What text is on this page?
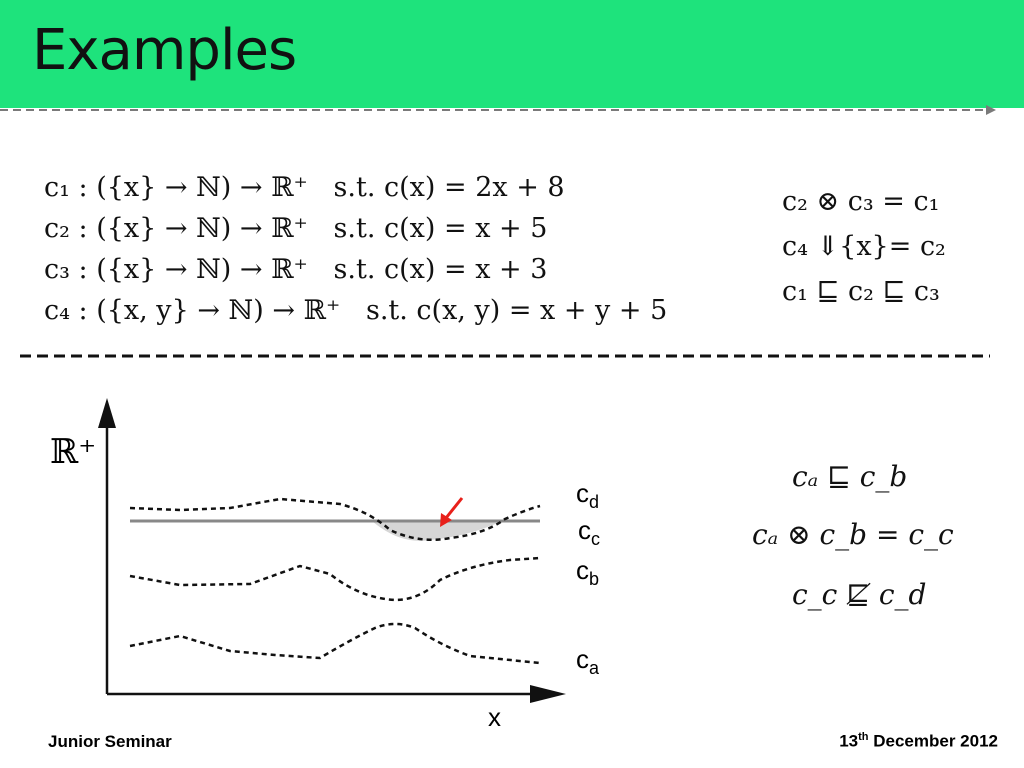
Examples
c₁ : ({x} → ℕ) → ℝ⁺   s.t. c(x) = 2x + 8
c₂ : ({x} → ℕ) → ℝ⁺   s.t. c(x) = x + 5
c₃ : ({x} → ℕ) → ℝ⁺   s.t. c(x) = x + 3
c₄ : ({x, y} → ℕ) → ℝ⁺   s.t. c(x, y) = x + y + 5
c₂ ⊗ c₃ = c₁
c₄ ⇓{x}= c₂
c₁ ⊑ c₂ ⊑ c₃
ℝ⁺
x
$c_d$
$c_c$
$c_b$
$c_a$
cₐ ⊑ c_b
cₐ ⊗ c_b = c_c
c_c ⋢ c_d
Junior Seminar	13th December 2012
